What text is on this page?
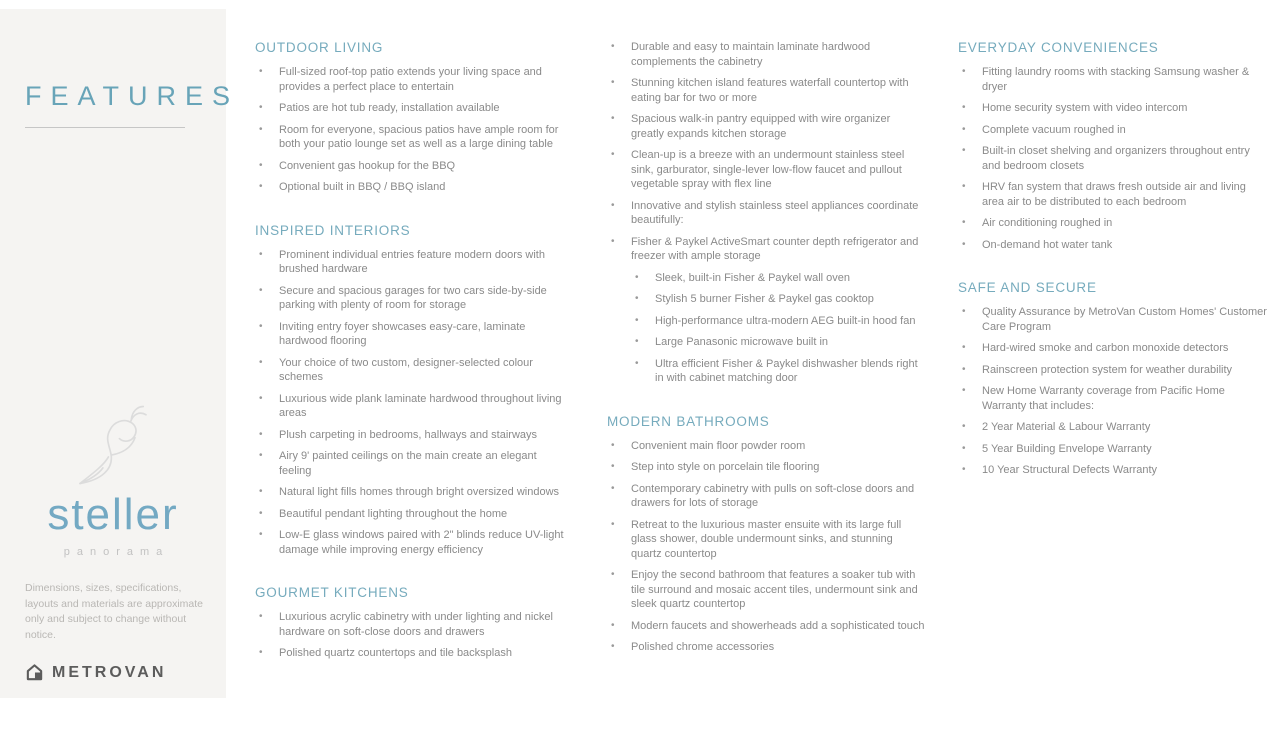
FEATURES
steller
panorama
Dimensions, sizes, specifications, layouts and materials are approximate only and subject to change without notice.
METROVAN
OUTDOOR LIVING
• Full-sized roof-top patio extends your living space and provides a perfect place to entertain
• Patios are hot tub ready, installation available
• Room for everyone, spacious patios have ample room for both your patio lounge set as well as a large dining table
• Convenient gas hookup for the BBQ
• Optional built in BBQ / BBQ island
INSPIRED INTERIORS
• Prominent individual entries feature modern doors with brushed hardware
• Secure and spacious garages for two cars side-by-side parking with plenty of room for storage
• Inviting entry foyer showcases easy-care, laminate hardwood flooring
• Your choice of two custom, designer-selected colour schemes
• Luxurious wide plank laminate hardwood throughout living areas
• Plush carpeting in bedrooms, hallways and stairways
• Airy 9' painted ceilings on the main create an elegant feeling
• Natural light fills homes through bright oversized windows
• Beautiful pendant lighting throughout the home
• Low-E glass windows paired with 2" blinds reduce UV-light damage while improving energy efficiency
GOURMET KITCHENS
• Luxurious acrylic cabinetry with under lighting and nickel hardware on soft-close doors and drawers
• Polished quartz countertops and tile backsplash
• Durable and easy to maintain laminate hardwood complements the cabinetry
• Stunning kitchen island features waterfall countertop with eating bar for two or more
• Spacious walk-in pantry equipped with wire organizer greatly expands kitchen storage
• Clean-up is a breeze with an undermount stainless steel sink, garburator, single-lever low-flow faucet and pullout vegetable spray with flex line
• Innovative and stylish stainless steel appliances coordinate beautifully:
• Fisher & Paykel ActiveSmart counter depth refrigerator and freezer with ample storage
• Sleek, built-in Fisher & Paykel wall oven
• Stylish 5 burner Fisher & Paykel gas cooktop
• High-performance ultra-modern AEG built-in hood fan
• Large Panasonic microwave built in
• Ultra efficient Fisher & Paykel dishwasher blends right in with cabinet matching door
MODERN BATHROOMS
• Convenient main floor powder room
• Step into style on porcelain tile flooring
• Contemporary cabinetry with pulls on soft-close doors and drawers for lots of storage
• Retreat to the luxurious master ensuite with its large full glass shower, double undermount sinks, and stunning quartz countertop
• Enjoy the second bathroom that features a soaker tub with tile surround and mosaic accent tiles, undermount sink and sleek quartz countertop
• Modern faucets and showerheads add a sophisticated touch
• Polished chrome accessories
EVERYDAY CONVENIENCES
• Fitting laundry rooms with stacking Samsung washer & dryer
• Home security system with video intercom
• Complete vacuum roughed in
• Built-in closet shelving and organizers throughout entry and bedroom closets
• HRV fan system that draws fresh outside air and living area air to be distributed to each bedroom
• Air conditioning roughed in
• On-demand hot water tank
SAFE AND SECURE
• Quality Assurance by MetroVan Custom Homes' Customer Care Program
• Hard-wired smoke and carbon monoxide detectors
• Rainscreen protection system for weather durability
• New Home Warranty coverage from Pacific Home Warranty that includes:
• 2 Year Material & Labour Warranty
• 5 Year Building Envelope Warranty
• 10 Year Structural Defects Warranty
